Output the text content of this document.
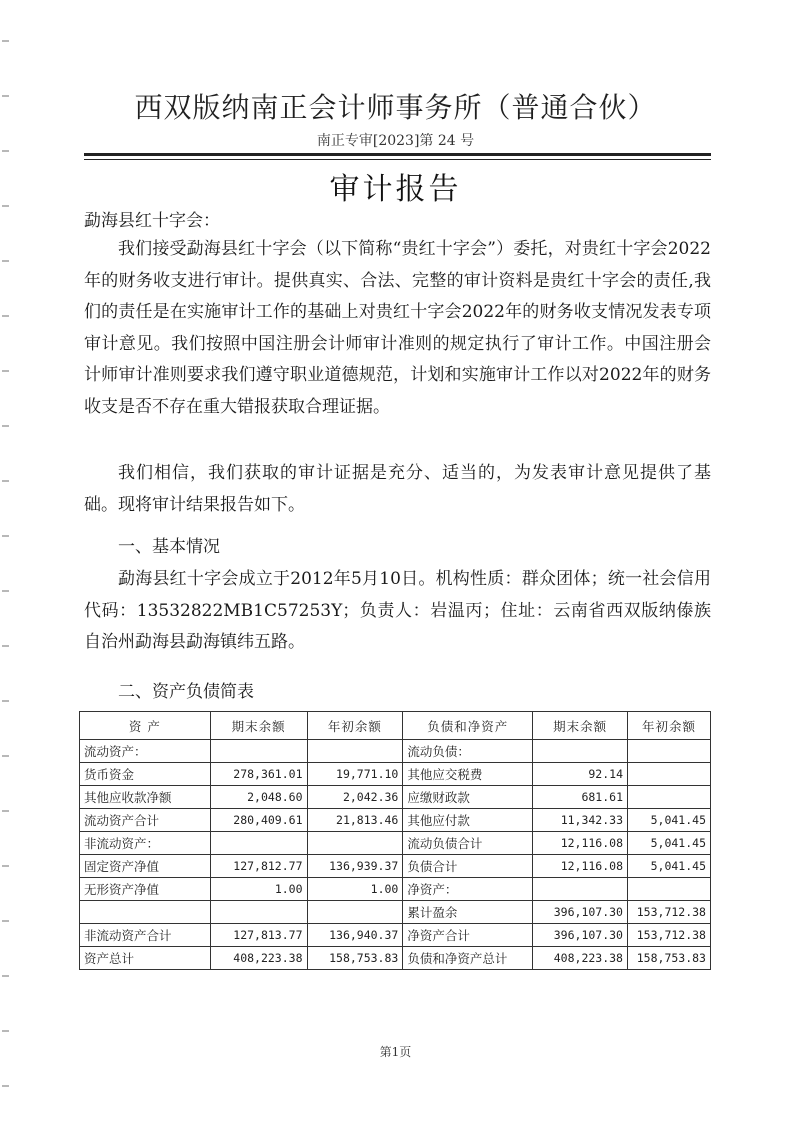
西双版纳南正会计师事务所（普通合伙）
南正专审[2023]第 24 号
审计报告
勐海县红十字会：

我们接受勐海县红十字会（以下简称“贵红十字会”）委托，对贵红十字会2022年的财务收支进行审计。提供真实、合法、完整的审计资料是贵红十字会的责任,我们的责任是在实施审计工作的基础上对贵红十字会2022年的财务收支情况发表专项审计意见。我们按照中国注册会计师审计准则的规定执行了审计工作。中国注册会计师审计准则要求我们遵守职业道德规范，计划和实施审计工作以对2022年的财务收支是否不存在重大错报获取合理证据。

我们相信，我们获取的审计证据是充分、适当的，为发表审计意见提供了基础。现将审计结果报告如下。

一、基本情况

勐海县红十字会成立于2012年5月10日。机构性质：群众团体；统一社会信用代码：13532822MB1C57253Y；负责人：岩温丙；住址：云南省西双版纳傣族自治州勐海县勐海镇纬五路。

二、资产负债简表
资 产	期末余额	年初余额	负债和净资产	期末余额	年初余额
流动资产：			流动负债：		
货币资金	278,361.01	19,771.10	其他应交税费	92.14	
其他应收款净额	2,048.60	2,042.36	应缴财政款	681.61	
流动资产合计	280,409.61	21,813.46	其他应付款	11,342.33	5,041.45
非流动资产：			流动负债合计	12,116.08	5,041.45
固定资产净值	127,812.77	136,939.37	负债合计	12,116.08	5,041.45
无形资产净值	1.00	1.00	净资产：		
			累计盈余	396,107.30	153,712.38
非流动资产合计	127,813.77	136,940.37	净资产合计	396,107.30	153,712.38
资产总计	408,223.38	158,753.83	负债和净资产总计	408,223.38	158,753.83
第1页
